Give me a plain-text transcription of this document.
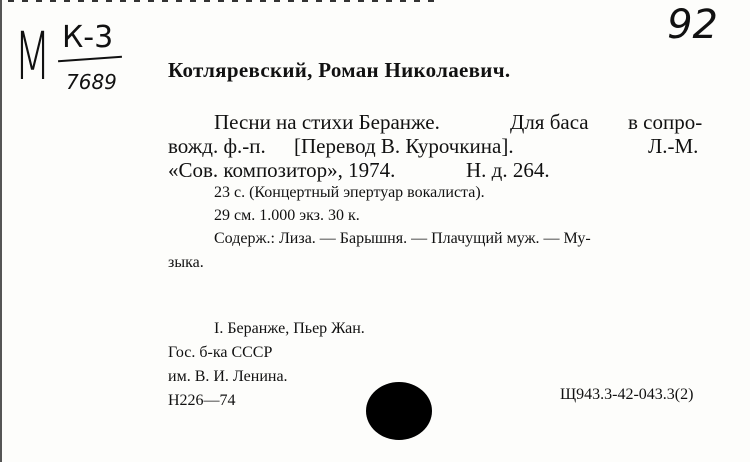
M К-3
7689
92
Котляревский, Роман Николаевич.
Песни на стихи Беранже.	Для баса в сопро-
вожд. ф.-п. [Перевод В. Курочкина].	Л.-М.
«Сов. композитор», 1974.	Н. д. 264.
23 с. (Концертный эпертуар вокалиста).
29 см. 1.000 экз. 30 к.
Содерж.: Лиза. — Барышня. — Плачущий муж. — Му-
зыка.
I. Беранже, Пьер Жан.
Гос. б-ка СССР
им. В. И. Ленина.
Н226—74	Щ943.3-42-043.3(2)
